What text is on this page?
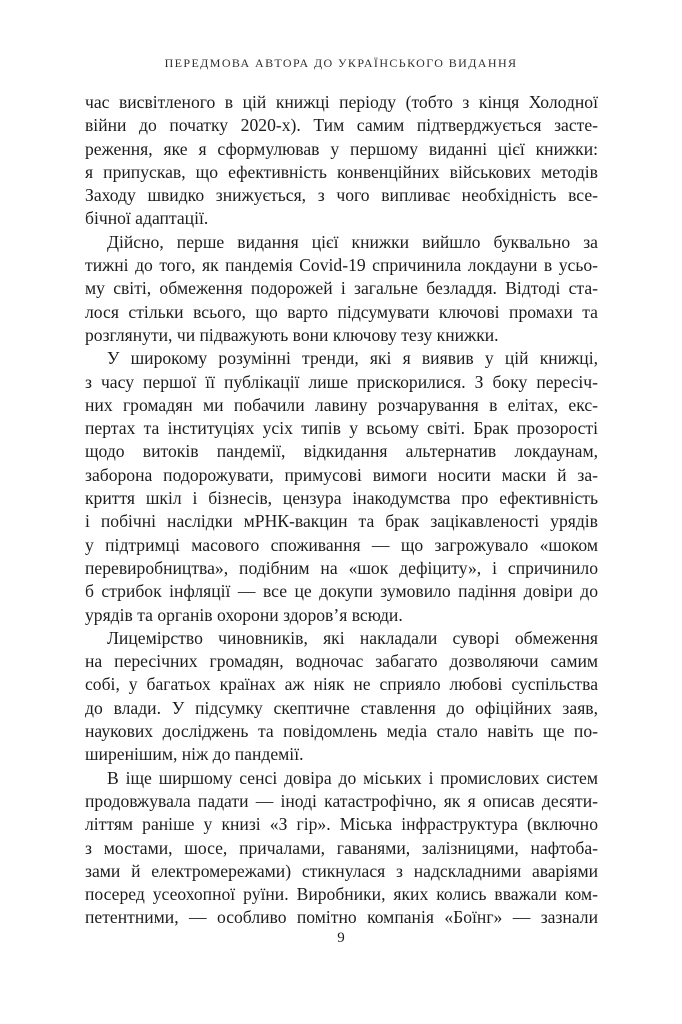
ПЕРЕДМОВА АВТОРА ДО УКРАЇНСЬКОГО ВИДАННЯ
час висвітленого в цій книжці періоду (тобто з кінця Холодної
війни до початку 2020-х). Тим самим підтверджується засте-
реження, яке я сформулював у першому виданні цієї книжки:
я припускав, що ефективність конвенційних військових методів
Заходу швидко знижується, з чого випливає необхідність все-
бічної адаптації.
Дійсно, перше видання цієї книжки вийшло буквально за
тижні до того, як пандемія Covid-19 спричинила локдауни в усьо-
му світі, обмеження подорожей і загальне безладдя. Відтоді ста-
лося стільки всього, що варто підсумувати ключові промахи та
розглянути, чи підважують вони ключову тезу книжки.
У широкому розумінні тренди, які я виявив у цій книжці,
з часу першої її публікації лише прискорилися. З боку пересіч-
них громадян ми побачили лавину розчарування в елітах, екс-
пертах та інституціях усіх типів у всьому світі. Брак прозорості
щодо витоків пандемії, відкидання альтернатив локдаунам,
заборона подорожувати, примусові вимоги носити маски й за-
криття шкіл і бізнесів, цензура інакодумства про ефективність
і побічні наслідки мРНК-вакцин та брак зацікавленості урядів
у підтримці масового споживання — що загрожувало «шоком
перевиробництва», подібним на «шок дефіциту», і спричинило
б стрибок інфляції — все це докупи зумовило падіння довіри до
урядів та органів охорони здоров’я всюди.
Лицемірство чиновників, які накладали суворі обмеження
на пересічних громадян, водночас забагато дозволяючи самим
собі, у багатьох країнах аж ніяк не сприяло любові суспільства
до влади. У підсумку скептичне ставлення до офіційних заяв,
наукових досліджень та повідомлень медіа стало навіть ще по-
ширенішим, ніж до пандемії.
В іще ширшому сенсі довіра до міських і промислових систем
продовжувала падати — іноді катастрофічно, як я описав десяти-
літтям раніше у книзі «З гір». Міська інфраструктура (включно
з мостами, шосе, причалами, гаванями, залізницями, нафтоба-
зами й електромережами) стикнулася з надскладними аваріями
посеред усеохопної руїни. Виробники, яких колись вважали ком-
петентними, — особливо помітно компанія «Боїнг» — зазнали
9
